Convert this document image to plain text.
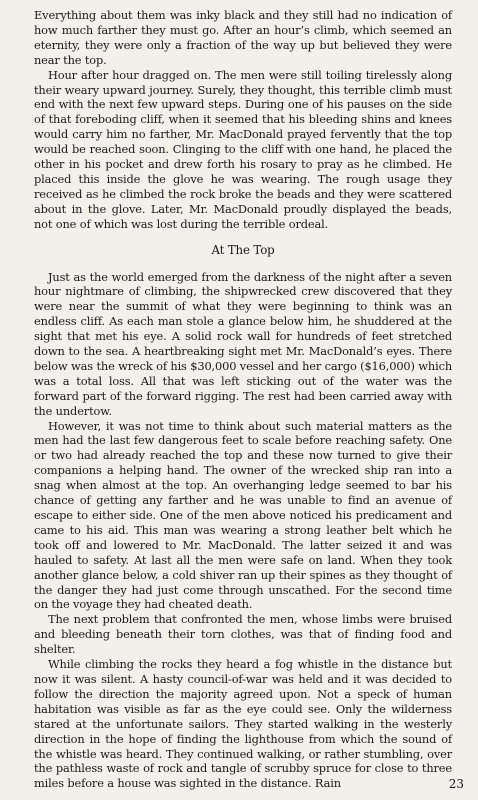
Everything about them was inky black and they still had no indication of how much farther they must go. After an hour’s climb, which seemed an eternity, they were only a fraction of the way up but believed they were near the top.

Hour after hour dragged on. The men were still toiling tirelessly along their weary upward journey. Surely, they thought, this terrible climb must end with the next few upward steps. During one of his pauses on the side of that foreboding cliff, when it seemed that his bleeding shins and knees would carry him no farther, Mr. MacDonald prayed fervently that the top would be reached soon. Clinging to the cliff with one hand, he placed the other in his pocket and drew forth his rosary to pray as he climbed. He placed this inside the glove he was wearing. The rough usage they received as he climbed the rock broke the beads and they were scattered about in the glove. Later, Mr. MacDonald proudly displayed the beads, not one of which was lost during the terrible ordeal.

At The Top

Just as the world emerged from the darkness of the night after a seven hour nightmare of climbing, the shipwrecked crew discovered that they were near the summit of what they were beginning to think was an endless cliff. As each man stole a glance below him, he shuddered at the sight that met his eye. A solid rock wall for hundreds of feet stretched down to the sea. A heartbreaking sight met Mr. MacDonald’s eyes. There below was the wreck of his $30,000 vessel and her cargo ($16,000) which was a total loss. All that was left sticking out of the water was the forward part of the forward rigging. The rest had been carried away with the undertow.

However, it was not time to think about such material matters as the men had the last few dangerous feet to scale before reaching safety. One or two had already reached the top and these now turned to give their companions a helping hand. The owner of the wrecked ship ran into a snag when almost at the top. An overhanging ledge seemed to bar his chance of getting any farther and he was unable to find an avenue of escape to either side. One of the men above noticed his predicament and came to his aid. This man was wearing a strong leather belt which he took off and lowered to Mr. MacDonald. The latter seized it and was hauled to safety. At last all the men were safe on land. When they took another glance below, a cold shiver ran up their spines as they thought of the danger they had just come through unscathed. For the second time on the voyage they had cheated death.

The next problem that confronted the men, whose limbs were bruised and bleeding beneath their torn clothes, was that of finding food and shelter.

While climbing the rocks they heard a fog whistle in the distance but now it was silent. A hasty council-of-war was held and it was decided to follow the direction the majority agreed upon. Not a speck of human habitation was visible as far as the eye could see. Only the wilderness stared at the unfortunate sailors. They started walking in the westerly direction in the hope of finding the lighthouse from which the sound of the whistle was heard. They continued walking, or rather stumbling, over the pathless waste of rock and tangle of scrubby spruce for close to three miles before a house was sighted in the distance. Rain	23
